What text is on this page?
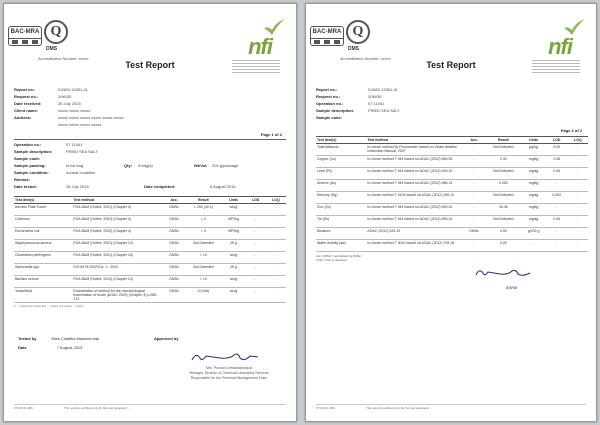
BAC-MRA Q
DMS
Accreditation Number: xxxxx	nfi
Test Report
Report no.:	D1583-13351-01
Request no.:	2/96/30
Date received:	26 July 2015
Client name:	xxxxx xxxxx xxxxx
Address:	xxxxx xxxxx xxxxx xxxxx xxxxx xxxxx
xxxxx xxxxx xxxxx xxxxx
Page 1 of 2
Operation no.:	07 11041
Sample description:	FRIED SEA SALT
Sample code:
Sample packing:	in foil bag	Qty: 4 bag(s)	Wt/Vol: 200 g/package
Sample condition:	normal condition
Remark:
Date tested:	28 July 2015	Date completed:	6 August 2015
Test item(s)	Test method	Acc.	Result	Units	LOD	LOQ
Aerobic Plate Count	FDA-BAM (Online, 2001) (Chapter 3)	DMSc	< 250 (40 ±)	cfu/g	-	-
Coliforms	FDA-BAM (Online, 2002) (Chapter 4)	DMSc	< 3	MPN/g	-	-
Escherichia coli	FDA-BAM (Online, 2002) (Chapter 4)	DMSc	< 3	MPN/g	-	-
Staphylococcus aureus	FDA-BAM (Online, 2001) (Chapter 12)	DMSc	Not Detected	25 g	-	-
Clostridium perfringens	FDA-BAM (Online, 2001) (Chapter 16)	DMSc	< 10	cfu/g	-	-
Salmonella spp.	ISO 6579:2002/Cor. 1 : 2004	DMSc	Not Detected	25 g	-	-
Bacillus cereus	FDA-BAM (Online, 2012) (Chapter 14)	DMSc	< 10	cfu/g	-	-
Yeast/Mold	Enumeration of method for the microbiological examination of foods (AOAC 2002) (Chapter 3) p.289-213	DMSc	10 (est)	cfu/g	-	-
1 ... xxxxx xxx xxxxx xxx ... xxxxx xxx xxxxx ... xxxxx
Tested by	Miss Chalitha Ataamornrap
Date	7 August 2015
Approved by
Mrs. Poonsri Leelawatcharpai
Manager, Division of Chemical Laboratory Services
Responsible for the Technical Management Team
FT-RF-01-006	The result is certified only for the test sample(s)...
BAC-MRA Q
DMS
Accreditation Number: xxxxx	nfi
Test Report
Report no.:	D1583-13351-01
Request no.:	2/96/30
Operation no.:	07 11041
Sample description:	FRIED SEA SALT
Sample code:
Page 2 of 2
Test item(s)	Test method	Acc.	Result	Units	LOD	LOQ
Total Aflatoxin	In-house method by Fluorometer based on Vicam Aflatest Instruction Manual, 2007	-	Not Detected	µg/kg	5.00	-
Copper (Cu)	In-house method T 944 based on AOAC (2012) 985.35	-	0.30	mg/kg	0.08	-
Lead (Pb)	In-house method T 944 based on AOAC (2012) 999.10	-	Not Detected	mg/kg	0.06	-
Arsenic (As)	In-house method T 944 based on AOAC (2012) 986.15	-	0.053	mg/kg	-	-
Mercury (Hg)	In-house method T 9103 based on AOAC (2012) 999.10	-	Not Detected	mg/kg	0.002	-
Zinc (Zn)	In-house method T 944 based on AOAC (2012) 969.32	-	18.45	mg/kg	-	-
Tin (Sn)	In-house method T 944 based on AOAC (2012) 985.16	-	Not Detected	mg/kg	0.06	-
Moisture	AOAC (2012) 925.10	DMSc	4.90	g/100 g	-	-
Water Activity (aw)	In-house method T 9010 based on AOAC (2012) 978.18	-	0.26	-	-	-
Acc. DMSc = accredited by DMSc
LOD = limit of detection
8/8/58
FT-RF-01-006	The result is certified only for the test sample(s)...
